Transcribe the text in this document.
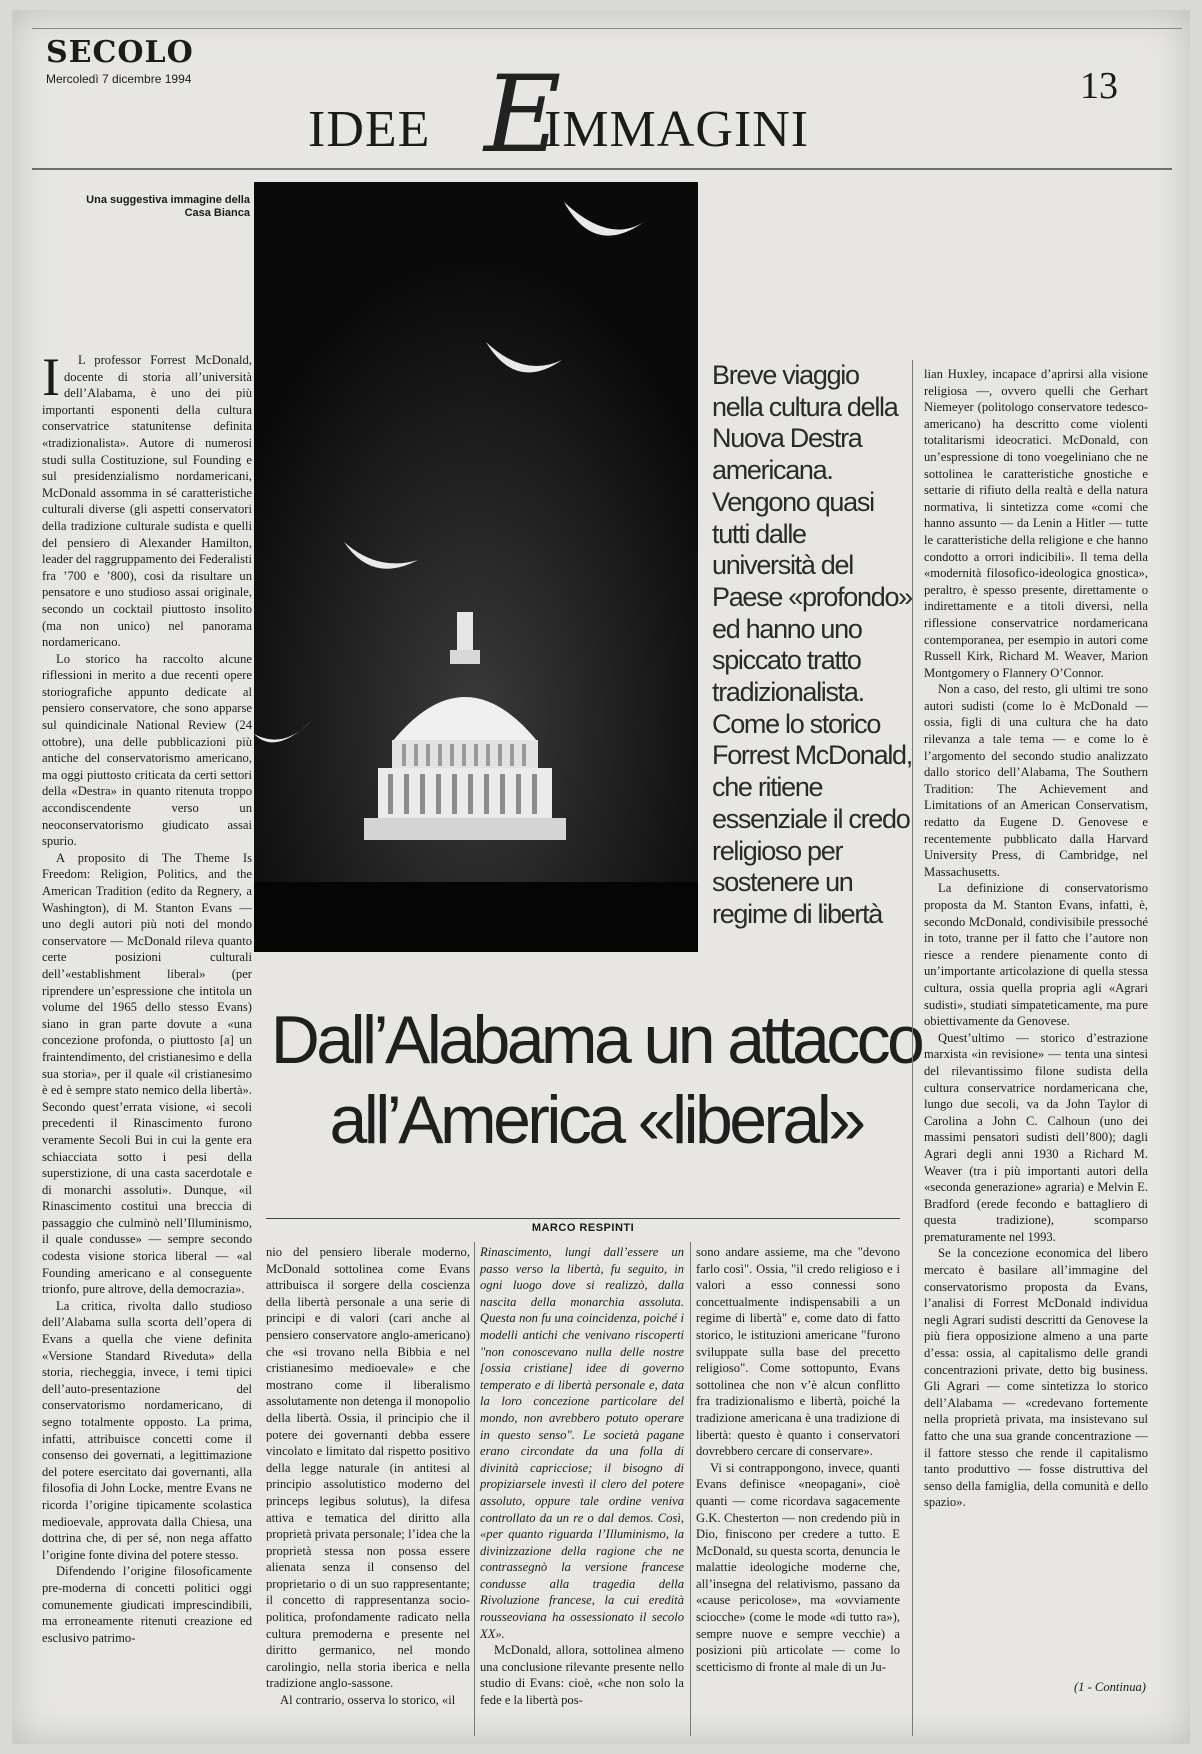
SECOLO
Mercoledì 7 dicembre 1994
IDEE E
IMMAGINI
13
Una suggestiva immagine della Casa Bianca
Breve viaggio nella cultura della Nuova Destra americana. Vengono quasi tutti dalle università del Paese «profondo» ed hanno uno spiccato tratto tradizionalista. Come lo storico Forrest McDonald, che ritiene essenziale il credo religioso per sostenere un regime di libertà
I	L professor Forrest McDonald, docente di storia all’università dell’Alabama, è uno dei più importanti esponenti della cultura conservatrice statunitense definita «tradizionalista». Autore di numerosi studi sulla Costituzione, sul Founding e sul presidenzialismo nordamericani, McDonald assomma in sé caratteristiche culturali diverse (gli aspetti conservatori della tradizione culturale sudista e quelli del pensiero di Alexander Hamilton, leader del raggruppamento dei Federalisti fra ’700 e ’800), così da risultare un pensatore e uno studioso assai originale, secondo un cocktail piuttosto insolito (ma non unico) nel panorama nordamericano.

Lo storico ha raccolto alcune riflessioni in merito a due recenti opere storiografiche appunto dedicate al pensiero conservatore, che sono apparse sul quindicinale National Review (24 ottobre), una delle pubblicazioni più antiche del conservatorismo americano, ma oggi piuttosto criticata da certi settori della «Destra» in quanto ritenuta troppo accondiscendente verso un neoconservatorismo giudicato assai spurio.

A proposito di The Theme Is Freedom: Religion, Politics, and the American Tradition (edito da Regnery, a Washington), di M. Stanton Evans — uno degli autori più noti del mondo conservatore — McDonald rileva quanto certe posizioni culturali dell’«establishment liberal» (per riprendere un’espressione che intitola un volume del 1965 dello stesso Evans) siano in gran parte dovute a «una concezione profonda, o piuttosto [a] un fraintendimento, del cristianesimo e della sua storia», per il quale «il cristianesimo è ed è sempre stato nemico della libertà». Secondo quest’errata visione, «i secoli precedenti il Rinascimento furono veramente Secoli Bui in cui la gente era schiacciata sotto i pesi della superstizione, di una casta sacerdotale e di monarchi assoluti». Dunque, «il Rinascimento costituì una breccia di passaggio che culminò nell’Illuminismo, il quale condusse» — sempre secondo codesta visione storica liberal — «al Founding americano e al conseguente trionfo, pure altrove, della democrazia».

La critica, rivolta dallo studioso dell’Alabama sulla scorta dell’opera di Evans a quella che viene definita «Versione Standard Riveduta» della storia, riecheggia, invece, i temi tipici dell’auto-presentazione del conservatorismo nordamericano, di segno totalmente opposto. La prima, infatti, attribuisce concetti come il consenso dei governati, a legittimazione del potere esercitato dai governanti, alla filosofia di John Locke, mentre Evans ne ricorda l’origine tipicamente scolastica medioevale, approvata dalla Chiesa, una dottrina che, di per sé, non nega affatto l’origine fonte divina del potere stesso.

Difendendo l’origine filosoficamente pre-moderna di concetti politici oggi comunemente giudicati imprescindibili, ma erroneamente ritenuti creazione ed esclusivo patrimo-

Dall’Alabama un attacco
all’America «liberal»
MARCO RESPINTI

nio del pensiero liberale moderno, McDonald sottolinea come Evans attribuisca il sorgere della coscienza della libertà personale a una serie di principi e di valori (cari anche al pensiero conservatore anglo-americano) che «si trovano nella Bibbia e nel cristianesimo medioevale» e che mostrano come il liberalismo assolutamente non detenga il monopolio della libertà. Ossia, il principio che il potere dei governanti debba essere vincolato e limitato dal rispetto positivo della legge naturale (in antitesi al principio assolutistico moderno del princeps legibus solutus), la difesa attiva e tematica del diritto alla proprietà privata personale; l’idea che la proprietà stessa non possa essere alienata senza il consenso del proprietario o di un suo rappresentante; il concetto di rappresentanza socio-politica, profondamente radicato nella cultura premoderna e presente nel diritto germanico, nel mondo carolingio, nella storia iberica e nella tradizione anglo-sassone.

Al contrario, osserva lo storico, «il

Rinascimento, lungi dall’essere un passo verso la libertà, fu seguito, in ogni luogo dove si realizzò, dalla nascita della monarchia assoluta. Questa non fu una coincidenza, poiché i modelli antichi che venivano riscoperti "non conoscevano nulla delle nostre [ossia cristiane] idee di governo temperato e di libertà personale e, data la loro concezione particolare del mondo, non avrebbero potuto operare in questo senso". Le società pagane erano circondate da una folla di divinità capricciose; il bisogno di propiziarsele investì il clero del potere assoluto, oppure tale ordine veniva controllato da un re o dal demos. Così, «per quanto riguarda l’Illuminismo, la divinizzazione della ragione che ne contrassegnò la versione francese condusse alla tragedia della Rivoluzione francese, la cui eredità rousseoviana ha ossessionato il secolo XX».

McDonald, allora, sottolinea almeno una conclusione rilevante presente nello studio di Evans: cioè, «che non solo la fede e la libertà pos-

sono andare assieme, ma che "devono farlo così". Ossia, "il credo religioso e i valori a esso connessi sono concettualmente indispensabili a un regime di libertà" e, come dato di fatto storico, le istituzioni americane "furono sviluppate sulla base del precetto religioso". Come sottopunto, Evans sottolinea che non v’è alcun conflitto fra tradizionalismo e libertà, poiché la tradizione americana è una tradizione di libertà: questo è quanto i conservatori dovrebbero cercare di conservare».

Vi si contrappongono, invece, quanti Evans definisce «neopagani», cioè quanti — come ricordava sagacemente G.K. Chesterton — non credendo più in Dio, finiscono per credere a tutto. E McDonald, su questa scorta, denuncia le malattie ideologiche moderne che, all’insegna del relativismo, passano da «cause pericolose», ma «ovviamente sciocche» (come le mode «di tutto ra»), sempre nuove e sempre vecchie) a posizioni più articolate — come lo scetticismo di fronte al male di un Ju-

lian Huxley, incapace d’aprirsi alla visione religiosa —, ovvero quelli che Gerhart Niemeyer (politologo conservatore tedesco-americano) ha descritto come violenti totalitarismi ideocratici. McDonald, con un’espressione di tono voegeliniano che ne sottolinea le caratteristiche gnostiche e settarie di rifiuto della realtà e della natura normativa, li sintetizza come «comi che hanno assunto — da Lenin a Hitler — tutte le caratteristiche della religione e che hanno condotto a orrori indicibili». Il tema della «modernità filosofico-ideologica gnostica», peraltro, è spesso presente, direttamente o indirettamente e a titoli diversi, nella riflessione conservatrice nordamericana contemporanea, per esempio in autori come Russell Kirk, Richard M. Weaver, Marion Montgomery o Flannery O’Connor.

Non a caso, del resto, gli ultimi tre sono autori sudisti (come lo è McDonald — ossia, figli di una cultura che ha dato rilevanza a tale tema — e come lo è l’argomento del secondo studio analizzato dallo storico dell’Alabama, The Southern Tradition: The Achievement and Limitations of an American Conservatism, redatto da Eugene D. Genovese e recentemente pubblicato dalla Harvard University Press, di Cambridge, nel Massachusetts.

La definizione di conservatorismo proposta da M. Stanton Evans, infatti, è, secondo McDonald, condivisibile pressoché in toto, tranne per il fatto che l’autore non riesce a rendere pienamente conto di un’importante articolazione di quella stessa cultura, ossia quella propria agli «Agrari sudisti», studiati simpateticamente, ma pure obiettivamente da Genovese.

Quest’ultimo — storico d’estrazione marxista «in revisione» — tenta una sintesi del rilevantissimo filone sudista della cultura conservatrice nordamericana che, lungo due secoli, va da John Taylor di Carolina a John C. Calhoun (uno dei massimi pensatori sudisti dell’800); dagli Agrari degli anni 1930 a Richard M. Weaver (tra i più importanti autori della «seconda generazione» agraria) e Melvin E. Bradford (erede fecondo e battagliero di questa tradizione), scomparso prematuramente nel 1993.

Se la concezione economica del libero mercato è basilare all’immagine del conservatorismo proposta da Evans, l’analisi di Forrest McDonald individua negli Agrari sudisti descritti da Genovese la più fiera opposizione almeno a una parte d’essa: ossia, al capitalismo delle grandi concentrazioni private, detto big business. Gli Agrari — come sintetizza lo storico dell’Alabama — «credevano fortemente nella proprietà privata, ma insistevano sul fatto che una sua grande concentrazione — il fattore stesso che rende il capitalismo tanto produttivo — fosse distruttiva del senso della famiglia, della comunità e dello spazio».

(1 - Continua)
